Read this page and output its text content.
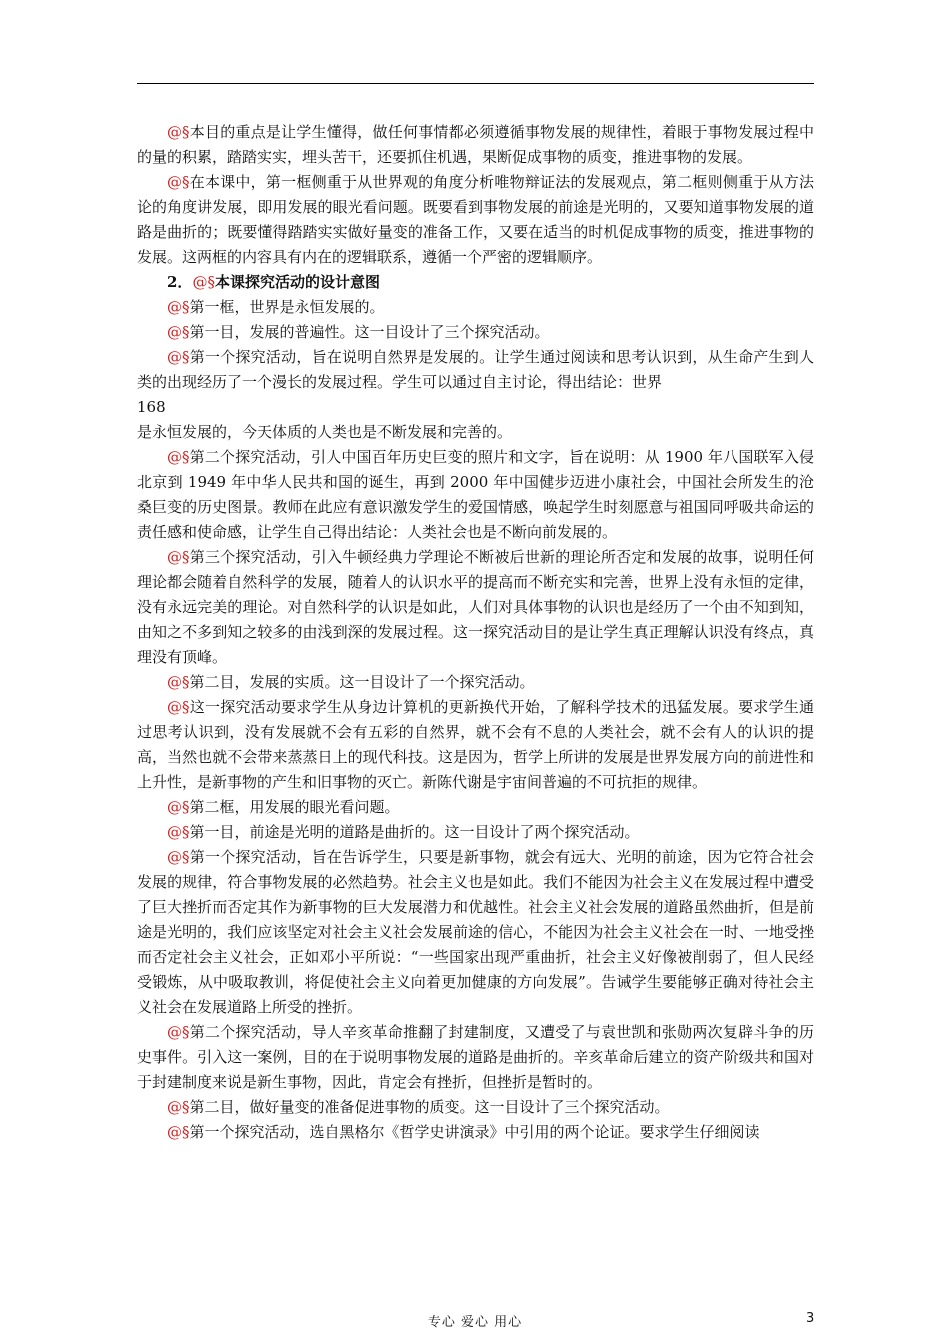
@§本目的重点是让学生懂得，做任何事情都必须遵循事物发展的规律性，着眼于事物发展过程中的量的积累，踏踏实实，埋头苦干，还要抓住机遇，果断促成事物的质变，推进事物的发展。

@§在本课中，第一框侧重于从世界观的角度分析唯物辩证法的发展观点，第二框则侧重于从方法论的角度讲发展，即用发展的眼光看问题。既要看到事物发展的前途是光明的，又要知道事物发展的道路是曲折的；既要懂得踏踏实实做好量变的准备工作，又要在适当的时机促成事物的质变，推进事物的发展。这两框的内容具有内在的逻辑联系，遵循一个严密的逻辑顺序。

2．@§本课探究活动的设计意图

@§第一框，世界是永恒发展的。

@§第一目，发展的普遍性。这一目设计了三个探究活动。

@§第一个探究活动，旨在说明自然界是发展的。让学生通过阅读和思考认识到，从生命产生到人类的出现经历了一个漫长的发展过程。学生可以通过自主讨论，得出结论：世界

168

是永恒发展的，今天体质的人类也是不断发展和完善的。

@§第二个探究活动，引人中国百年历史巨变的照片和文字，旨在说明：从 1900 年八国联军入侵北京到 1949 年中华人民共和国的诞生，再到 2000 年中国健步迈进小康社会，中国社会所发生的沧桑巨变的历史图景。教师在此应有意识激发学生的爱国情感，唤起学生时刻愿意与祖国同呼吸共命运的责任感和使命感，让学生自己得出结论：人类社会也是不断向前发展的。

@§第三个探究活动，引入牛顿经典力学理论不断被后世新的理论所否定和发展的故事，说明任何理论都会随着自然科学的发展，随着人的认识水平的提高而不断充实和完善，世界上没有永恒的定律，没有永远完美的理论。对自然科学的认识是如此，人们对具体事物的认识也是经历了一个由不知到知，由知之不多到知之较多的由浅到深的发展过程。这一探究活动目的是让学生真正理解认识没有终点，真理没有顶峰。

@§第二目，发展的实质。这一目设计了一个探究活动。

@§这一探究活动要求学生从身边计算机的更新换代开始，了解科学技术的迅猛发展。要求学生通过思考认识到，没有发展就不会有五彩的自然界，就不会有不息的人类社会，就不会有人的认识的提高，当然也就不会带来蒸蒸日上的现代科技。这是因为，哲学上所讲的发展是世界发展方向的前进性和上升性，是新事物的产生和旧事物的灭亡。新陈代谢是宇宙间普遍的不可抗拒的规律。

@§第二框，用发展的眼光看问题。

@§第一目，前途是光明的道路是曲折的。这一目设计了两个探究活动。

@§第一个探究活动，旨在告诉学生，只要是新事物，就会有远大、光明的前途，因为它符合社会发展的规律，符合事物发展的必然趋势。社会主义也是如此。我们不能因为社会主义在发展过程中遭受了巨大挫折而否定其作为新事物的巨大发展潜力和优越性。社会主义社会发展的道路虽然曲折，但是前途是光明的，我们应该坚定对社会主义社会发展前途的信心，不能因为社会主义社会在一时、一地受挫而否定社会主义社会，正如邓小平所说：“一些国家出现严重曲折，社会主义好像被削弱了，但人民经受锻炼，从中吸取教训，将促使社会主义向着更加健康的方向发展”。告诫学生要能够正确对待社会主义社会在发展道路上所受的挫折。

@§第二个探究活动，导人辛亥革命推翻了封建制度，又遭受了与袁世凯和张勋两次复辟斗争的历史事件。引入这一案例，目的在于说明事物发展的道路是曲折的。辛亥革命后建立的资产阶级共和国对于封建制度来说是新生事物，因此，肯定会有挫折，但挫折是暂时的。

@§第二目，做好量变的准备促进事物的质变。这一目设计了三个探究活动。

@§第一个探究活动，选自黑格尔《哲学史讲演录》中引用的两个论证。要求学生仔细阅读

专心 爱心 用心	3
